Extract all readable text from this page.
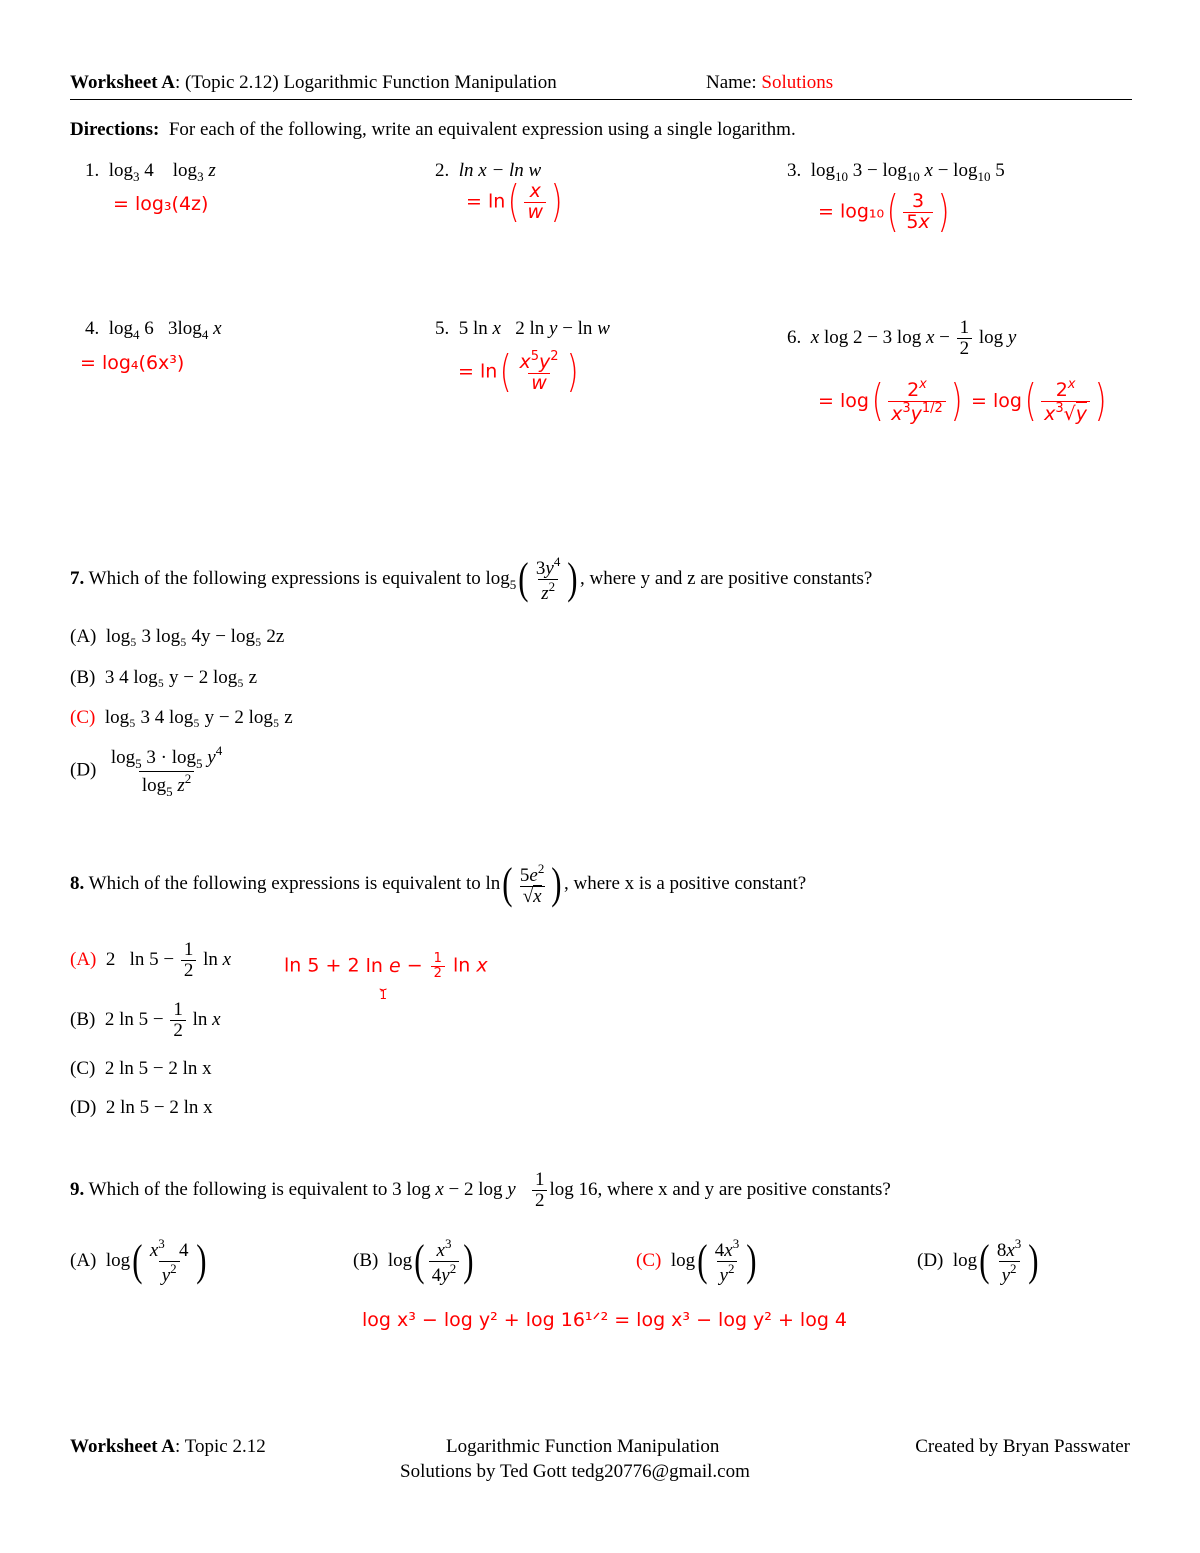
Worksheet A: (Topic 2.12) Logarithmic Function Manipulation	Name: Solutions
Directions: For each of the following, write an equivalent expression using a single logarithm.
1. $\log_3 4$    $\log_3 z$
= log₃(4z)
2. ln x − ln w
= $\ln( \frac{x}{w}$ )
3.  $\log_{10} 3 - \log_{10} x - \log_{10} 5$
= $\log_{10}( \frac{3}{5x}$ )
4.  $\log_4 6$   $3\log_4$ x
= log₄(6x³)
5.  5 ln x   2 ln y − ln w
= $\ln( \frac{x^5y^2}{w}$ )
6. x log 2 − 3 $\log x - \frac{1}{2}$ log y
= $\log( \frac{2^x}{x^3y^{1/2}}$ ) = $\log( \frac{2^x}{x^3√y}$ )
7. Which of the following expressions is equivalent to $\log_5( \frac{3y^4}{z^2}$ ) , where y and z are positive constants?
(A) log₅ 3 log₅ 4y − log₅ 2z
(B) 3 4 log₅ y − 2 log₅ z
(C) log₅ 3 4 log₅ y − 2 log₅ z
$(D) \frac{\log_5 3 \cdot \log_5 y^4}{\log_5 z^2}$
8. Which of the following expressions is equivalent to $\ln( \frac{5e^2}{√x}$ ) , where x is a positive constant?
(A)  2   $\ln 5 - \frac{1}{2}$ ln x	ln 5 + 2 ln e
⏟
1
− $\frac{1}{2}$ ln x
(B)  2 $\ln 5 - \frac{1}{2}$ ln x
(C) 2 ln 5 − 2 ln x
(D) 2 ln 5 − 2 ln x
9. Which of the following is equivalent to 3 log x − 2 log y $\frac{1}{2}$ log 16, where x and y are positive constants?
(A)  $\log( \frac{x^3 4}{y^2}$ )	(B)  $\log( \frac{x^3}{4y^2}$ )	(C)  $\log( \frac{4x^3}{y^2}$ )	(D)  $\log( \frac{8x^3}{y^2}$ )
log x³ − log y² + log 16¹ᐟ² = log x³ − log y² + log 4
Worksheet A: Topic 2.12	Logarithmic Function Manipulation	Created by Bryan Passwater
Solutions by Ted Gott tedg20776@gmail.com
